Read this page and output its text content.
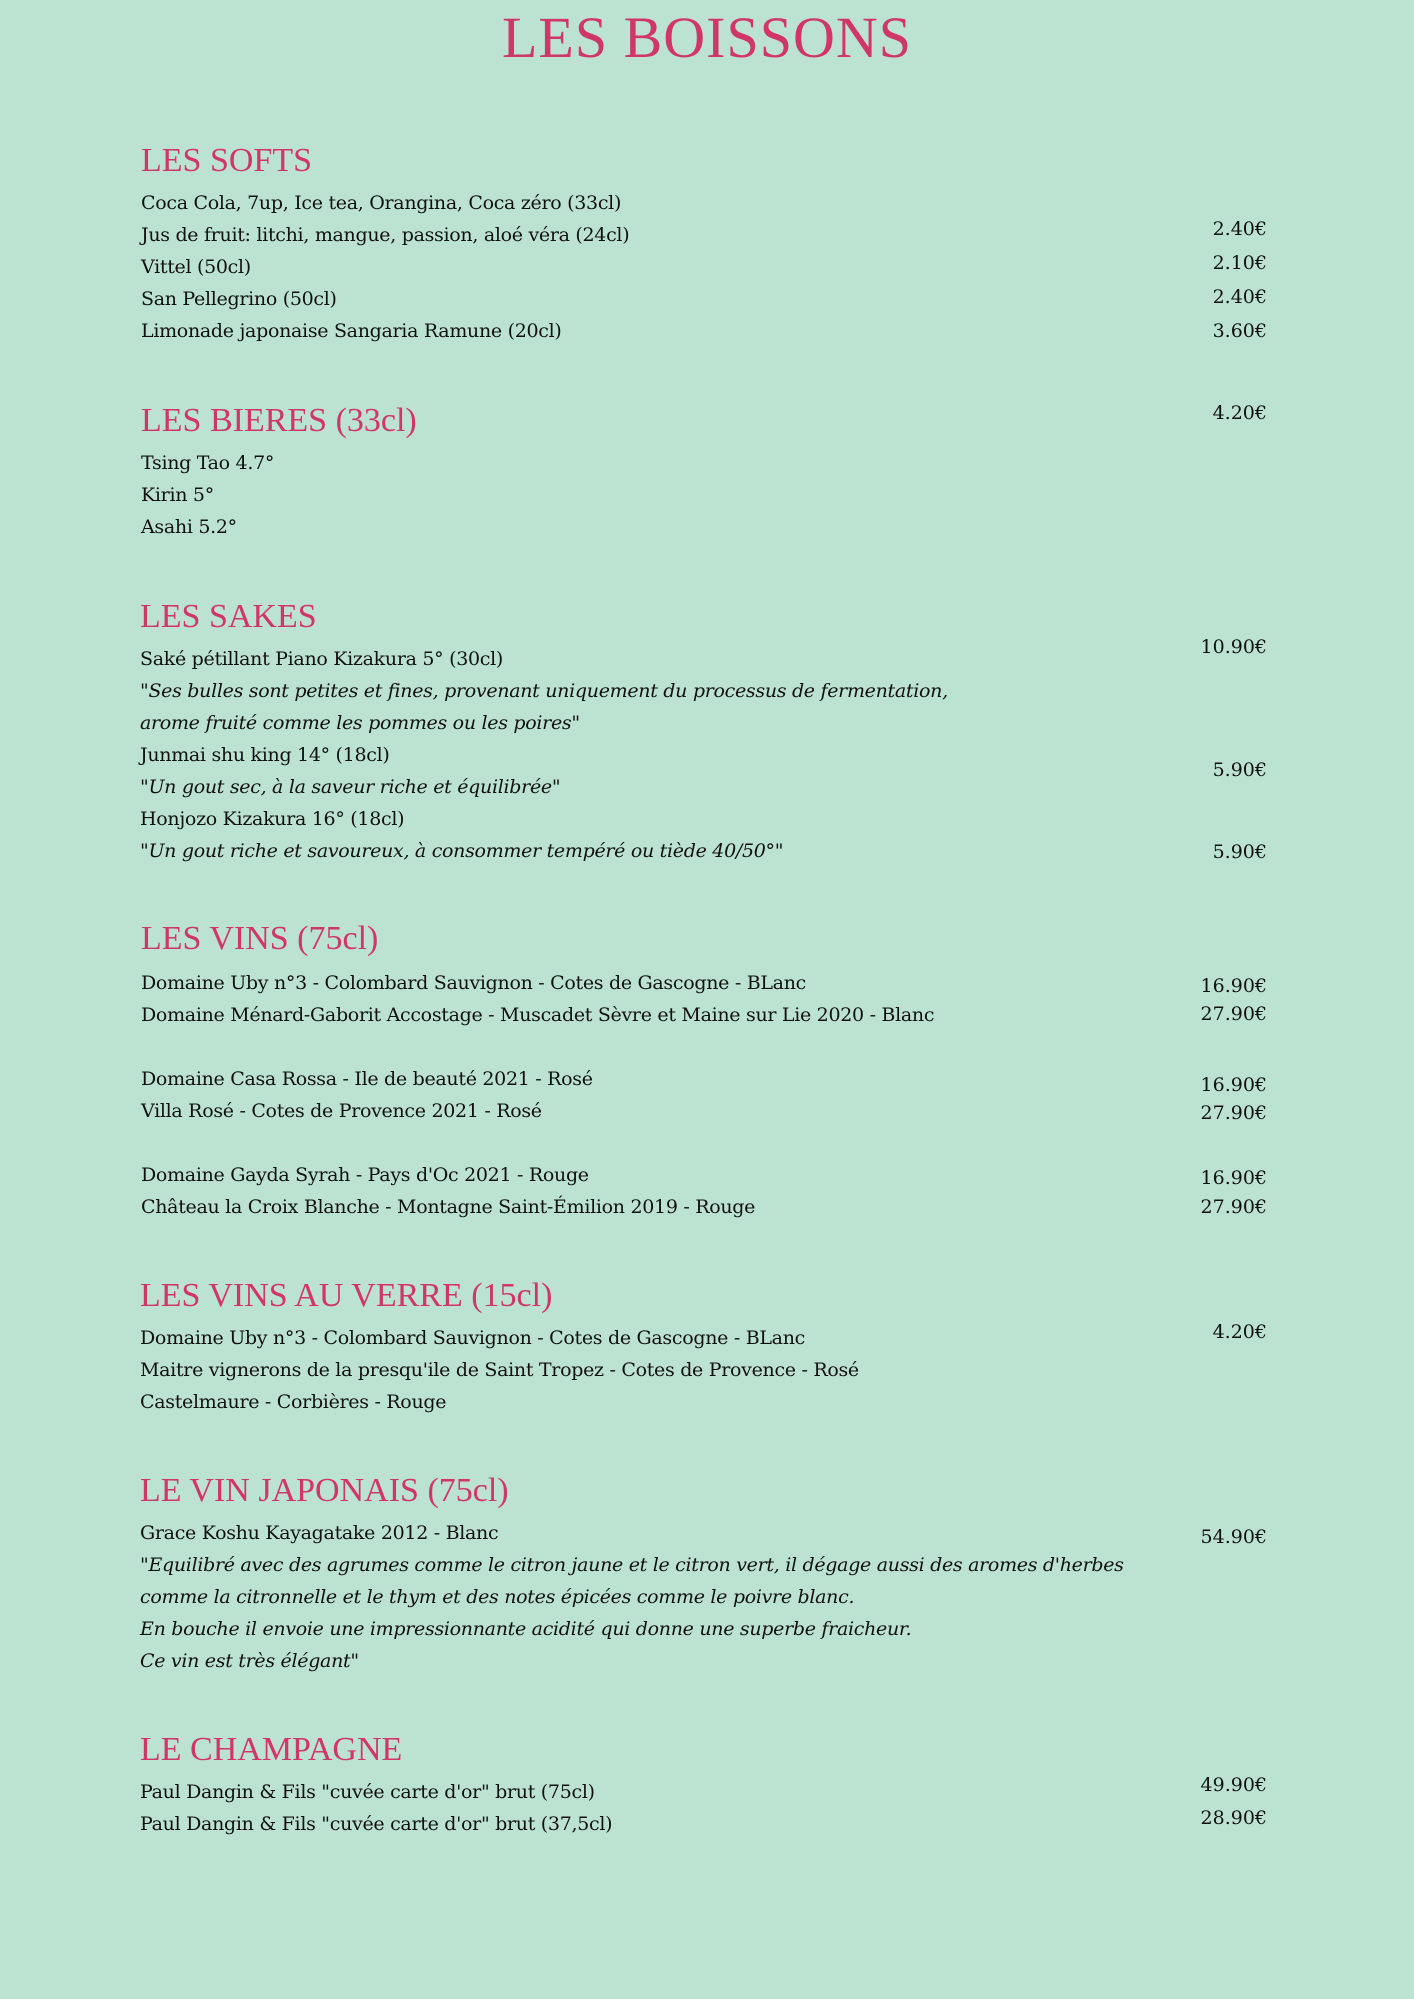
LES BOISSONS
LES SOFTS
Coca Cola, 7up, Ice tea, Orangina, Coca zéro (33cl)
Jus de fruit: litchi, mangue, passion, aloé véra (24cl)
Vittel (50cl)
San Pellegrino (50cl)
Limonade japonaise Sangaria Ramune (20cl)
2.40€
2.10€
2.40€
3.60€
4.20€
LES BIERES (33cl)
Tsing Tao 4.7°
Kirin 5°
Asahi 5.2°
LES SAKES
Saké pétillant Piano Kizakura 5° (30cl)
"Ses bulles sont petites et fines, provenant uniquement du processus de fermentation,
arome fruité comme les pommes ou les poires"
Junmai shu king 14° (18cl)
"Un gout sec, à la saveur riche et équilibrée"
Honjozo Kizakura 16° (18cl)
"Un gout riche et savoureux, à consommer tempéré ou tiède 40/50°"
10.90€
5.90€
5.90€
LES VINS (75cl)
Domaine Uby n°3 - Colombard Sauvignon - Cotes de Gascogne - BLanc
Domaine Ménard-Gaborit Accostage - Muscadet Sèvre et Maine sur Lie 2020 - Blanc
Domaine Casa Rossa - Ile de beauté 2021 - Rosé
Villa Rosé - Cotes de Provence 2021 - Rosé
Domaine Gayda Syrah - Pays d'Oc 2021 - Rouge
Château la Croix Blanche - Montagne Saint-Émilion 2019 - Rouge
16.90€
27.90€
16.90€
27.90€
16.90€
27.90€
LES VINS AU VERRE (15cl)
Domaine Uby n°3 - Colombard Sauvignon - Cotes de Gascogne - BLanc
Maitre vignerons de la presqu'ile de Saint Tropez - Cotes de Provence - Rosé
Castelmaure - Corbières - Rouge
4.20€
LE VIN JAPONAIS (75cl)
Grace Koshu Kayagatake 2012 - Blanc
"Equilibré avec des agrumes comme le citron jaune et le citron vert, il dégage aussi des aromes d'herbes
comme la citronnelle et le thym et des notes épicées comme le poivre blanc.
En bouche il envoie une impressionnante acidité qui donne une superbe fraicheur.
Ce vin est très élégant"
54.90€
LE CHAMPAGNE
Paul Dangin & Fils "cuvée carte d'or" brut (75cl)
Paul Dangin & Fils "cuvée carte d'or" brut (37,5cl)
49.90€
28.90€
